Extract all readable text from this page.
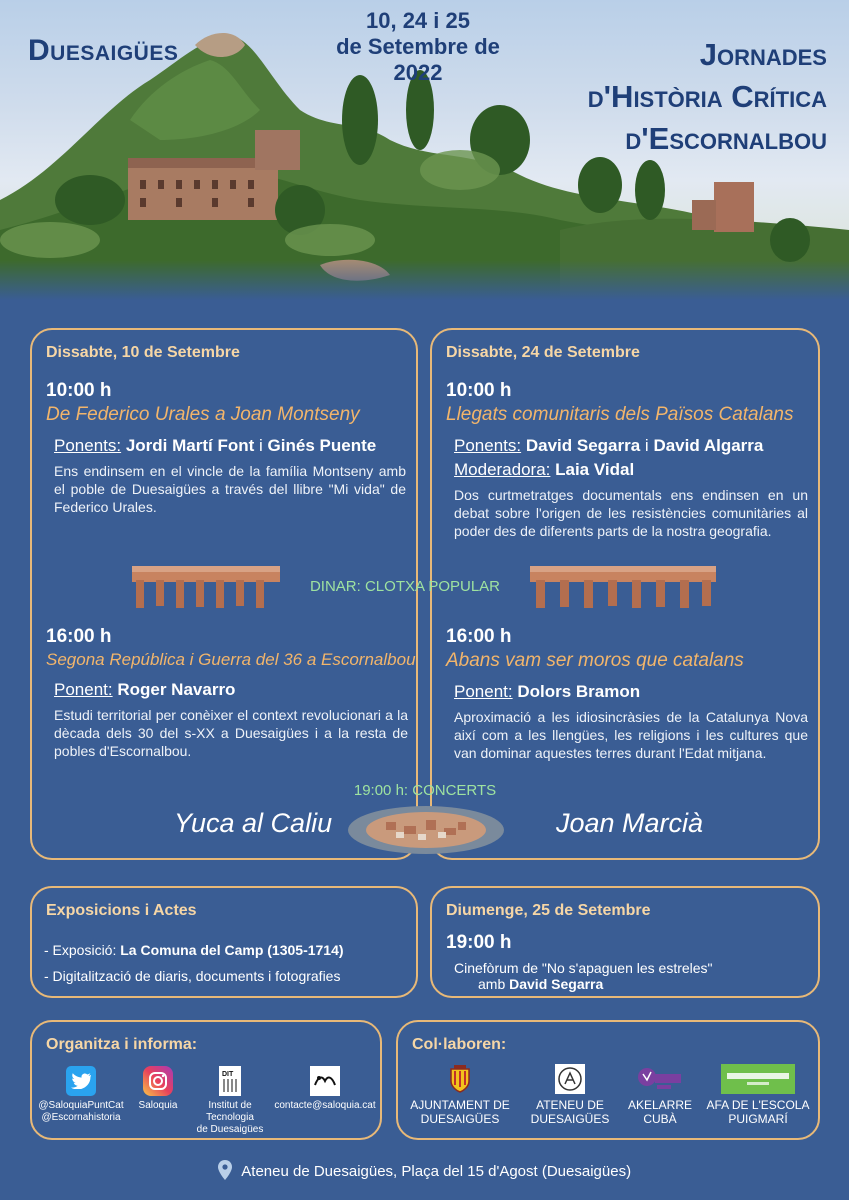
Duesaigües
10, 24 i 25
de Setembre de
2022
Jornades
d'Història Crítica
d'Escornalbou
Dissabte, 10 de Setembre
10:00 h
De Federico Urales a Joan Montseny
Ponents: Jordi Martí Font i Ginés Puente
Ens endinsem en el vincle de la família Montseny amb el poble de Duesaigües a través del llibre "Mi vida" de Federico Urales.
16:00 h
Segona República i Guerra del 36 a Escornalbou
Ponent: Roger Navarro
Estudi territorial per conèixer el context revolucionari a la dècada dels 30 del s-XX a Duesaigües i a la resta de pobles d'Escornalbou.
Dissabte, 24 de Setembre
10:00 h
Llegats comunitaris dels Països Catalans
Ponents: David Segarra i David Algarra
Moderadora: Laia Vidal
Dos curtmetratges documentals ens endinsen en un debat sobre l'origen de les resistències comunitàries al poder des de diferents parts de la nostra geografia.
16:00 h
Abans vam ser moros que catalans
Ponent: Dolors Bramon
Aproximació a les idiosincràsies de la Catalunya Nova així com a les llengües, les religions i les cultures que van dominar aquestes terres durant l'Edat mitjana.
DINAR: CLOTXA POPULAR
19:00 h: CONCERTS
Yuca al Caliu	Joan Marcià
Exposicions i Actes
- Exposició: La Comuna del Camp (1305-1714)
- Digitalització de diaris, documents i fotografies
Diumenge, 25 de Setembre
19:00 h
Cinefòrum de "No s'apaguen les estreles"
amb David Segarra
Organitza i informa:
@SaloquiaPuntCat
@Escornahistoria
Saloquia
DIT
Institut de Tecnologia
de Duesaigües
contacte@saloquia.cat
Col·laboren:
AJUNTAMENT DE
DUESAIGÜES
ATENEU DE
DUESAIGÜES
AKELARRE
CUBÀ
AFA DE L'ESCOLA
PUIGMARÍ
Ateneu de Duesaigües, Plaça del 15 d'Agost (Duesaigües)
